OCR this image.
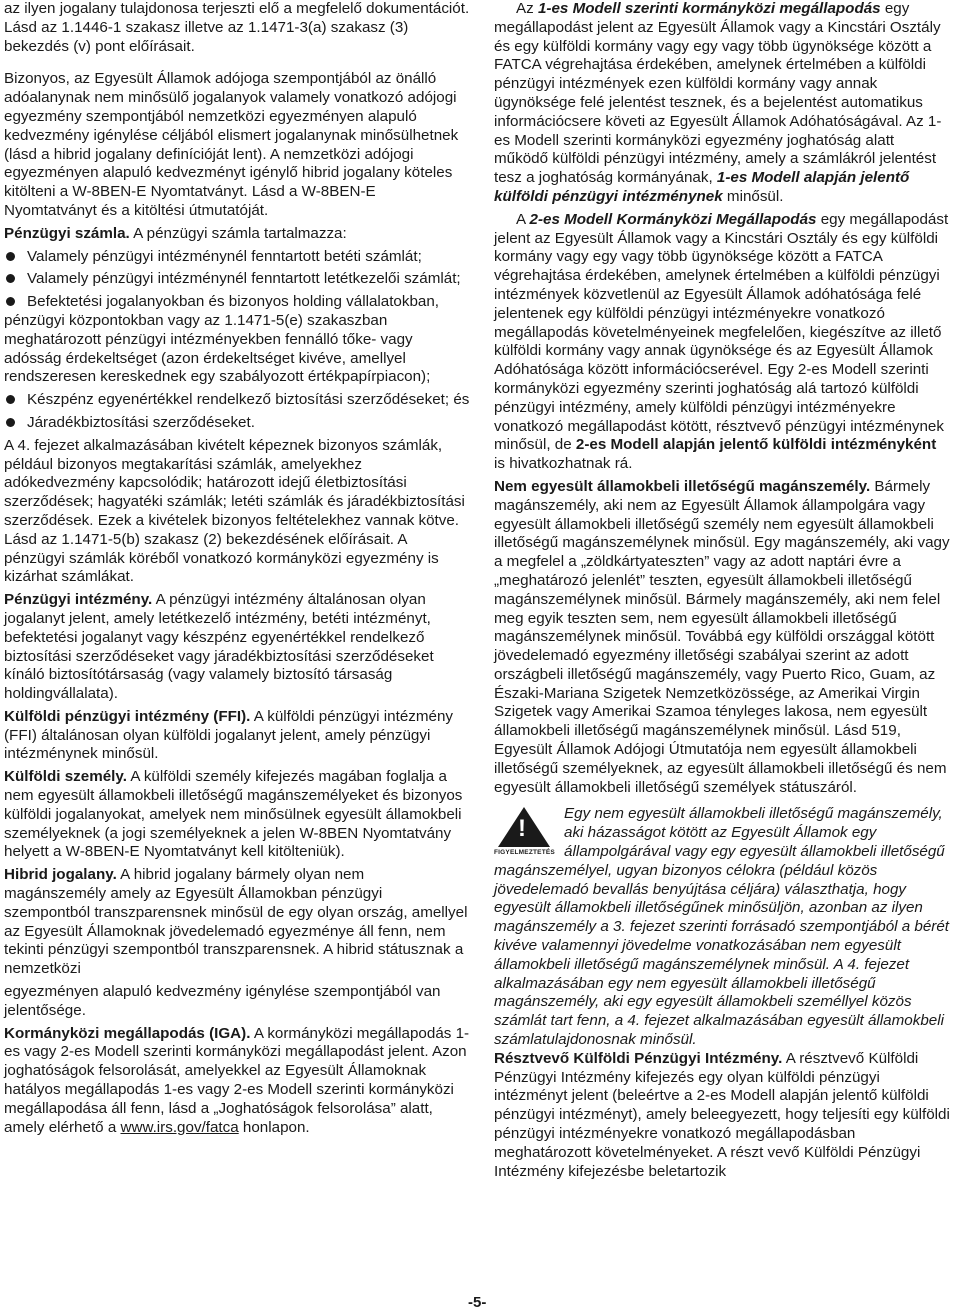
az ilyen jogalany tulajdonosa terjeszti elő a megfelelő dokumentációt. Lásd az 1.1446-1 szakasz illetve az 1.1471-3(a) szakasz (3) bekezdés (v) pont előírásait.

Bizonyos, az Egyesült Államok adójoga szempontjából az önálló adóalanynak nem minősülő jogalanyok valamely vonatkozó adójogi egyezmény szempontjából nemzetközi egyezményen alapuló kedvezmény igénylése céljából elismert jogalanynak minősülhetnek (lásd a hibrid jogalany definícióját lent). A nemzetközi adójogi egyezményen alapuló kedvezményt igénylő hibrid jogalany köteles kitölteni a W-8BEN-E Nyomtatványt. Lásd a W-8BEN-E Nyomtatványt és a kitöltési útmutatóját.

Pénzügyi számla. A pénzügyi számla tartalmazza:

Valamely pénzügyi intézménynél fenntartott betéti számlát;

Valamely pénzügyi intézménynél fenntartott letétkezelői számlát;

Befektetési jogalanyokban és bizonyos holding vállalatokban, pénzügyi központokban vagy az 1.1471-5(e) szakaszban meghatározott pénzügyi intézményekben fennálló tőke- vagy adósság érdekeltséget (azon érdekeltséget kivéve, amellyel rendszeresen kereskednek egy szabályozott értékpapírpiacon);

Készpénz egyenértékkel rendelkező biztosítási szerződéseket; és

Járadékbiztosítási szerződéseket.

A 4. fejezet alkalmazásában kivételt képeznek bizonyos számlák, például bizonyos megtakarítási számlák, amelyekhez adókedvezmény kapcsolódik; határozott idejű életbiztosítási szerződések; hagyatéki számlák; letéti számlák és járadékbiztosítási szerződések. Ezek a kivételek bizonyos feltételekhez vannak kötve. Lásd az 1.1471-5(b) szakasz (2) bekezdésének előírásait. A pénzügyi számlák köréből vonatkozó kormányközi egyezmény is kizárhat számlákat.

Pénzügyi intézmény. A pénzügyi intézmény általánosan olyan jogalanyt jelent, amely letétkezelő intézmény, betéti intézményt, befektetési jogalanyt vagy készpénz egyenértékkel rendelkező biztosítási szerződéseket vagy járadékbiztosítási szerződéseket kínáló biztosítótársaság (vagy valamely biztosító társaság holdingvállalata).

Külföldi pénzügyi intézmény (FFI). A külföldi pénzügyi intézmény (FFI) általánosan olyan külföldi jogalanyt jelent, amely pénzügyi intézménynek minősül.

Külföldi személy. A külföldi személy kifejezés magában foglalja a nem egyesült államokbeli illetőségű magánszemélyeket és bizonyos külföldi jogalanyokat, amelyek nem minősülnek egyesült államokbeli személyeknek (a jogi személyeknek a jelen W-8BEN Nyomtatvány helyett a W-8BEN-E Nyomtatványt kell kitölteniük).

Hibrid jogalany. A hibrid jogalany bármely olyan nem magánszemély amely az Egyesült Államokban pénzügyi szempontból transzparensnek minősül de egy olyan ország, amellyel az Egyesült Államoknak jövedelemadó egyezménye áll fenn, nem tekinti pénzügyi szempontból transzparensnek. A hibrid státusznak a nemzetközi

egyezményen alapuló kedvezmény igénylése szempontjából van jelentősége.

Kormányközi megállapodás (IGA). A kormányközi megállapodás 1-es vagy 2-es Modell szerinti kormányközi megállapodást jelent. Azon joghatóságok felsorolását, amelyekkel az Egyesült Államoknak hatályos megállapodás 1-es vagy 2-es Modell szerinti kormányközi megállapodása áll fenn, lásd a „Joghatóságok felsorolása” alatt, amely elérhető a www.irs.gov/fatca honlapon.

Az 1-es Modell szerinti kormányközi megállapodás egy megállapodást jelent az Egyesült Államok vagy a Kincstári Osztály és egy külföldi kormány vagy egy vagy több ügynöksége között a FATCA végrehajtása érdekében, amelynek értelmében a külföldi pénzügyi intézmények ezen külföldi kormány vagy annak ügynöksége felé jelentést tesznek, és a bejelentést automatikus információcsere követi az Egyesült Államok Adóhatóságával. Az 1-es Modell szerinti kormányközi egyezmény joghatóság alatt működő külföldi pénzügyi intézmény, amely a számlákról jelentést tesz a joghatóság kormányának, 1-es Modell alapján jelentő külföldi pénzügyi intézménynek minősül.

A 2-es Modell Kormányközi Megállapodás egy megállapodást jelent az Egyesült Államok vagy a Kincstári Osztály és egy külföldi kormány vagy egy vagy több ügynöksége között a FATCA végrehajtása érdekében, amelynek értelmében a külföldi pénzügyi intézmények közvetlenül az Egyesült Államok adóhatósága felé jelentenek egy külföldi pénzügyi intézményekre vonatkozó megállapodás követelményeinek megfelelően, kiegészítve az illető külföldi kormány vagy annak ügynöksége és az Egyesült Államok Adóhatósága között információcserével. Egy 2-es Modell szerinti kormányközi egyezmény szerinti joghatóság alá tartozó külföldi pénzügyi intézmény, amely külföldi pénzügyi intézményekre vonatkozó megállapodást kötött, résztvevő pénzügyi intézménynek minősül, de 2-es Modell alapján jelentő külföldi intézményként is hivatkozhatnak rá.

Nem egyesült államokbeli illetőségű magánszemély. Bármely magánszemély, aki nem az Egyesült Államok állampolgára vagy egyesült államokbeli illetőségű személy nem egyesült államokbeli illetőségű magánszemélynek minősül. Egy magánszemély, aki vagy a megfelel a „zöldkártyateszten” vagy az adott naptári évre a „meghatározó jelenlét” teszten, egyesült államokbeli illetőségű magánszemélynek minősül. Bármely magánszemély, aki nem felel meg egyik teszten sem, nem egyesült államokbeli illetőségű magánszemélynek minősül. Továbbá egy külföldi országgal kötött jövedelemadó egyezmény illetőségi szabályai szerint az adott országbeli illetőségű magánszemély, vagy Puerto Rico, Guam, az Északi-Mariana Szigetek Nemzetközössége, az Amerikai Virgin Szigetek vagy Amerikai Szamoa tényleges lakosa, nem egyesült államokbeli illetőségű magánszemélynek minősül. Lásd 519, Egyesült Államok Adójogi Útmutatója nem egyesült államokbeli illetőségű személyeknek, az egyesült államokbeli illetőségű és nem egyesült államokbeli illetőségű személyek státuszáról.

!
FIGYELMEZTETÉS

Egy nem egyesült államokbeli illetőségű magánszemély, aki házasságot kötött az Egyesült Államok egy állampolgárával vagy egy egyesült államokbeli illetőségű magánszemélyel, ugyan bizonyos célokra (például közös jövedelemadó bevallás benyújtása céljára) választhatja, hogy egyesült államokbeli illetőségűnek minősüljön, azonban az ilyen magánszemély a 3. fejezet szerinti forrásadó szempontjából a bérét kivéve valamennyi jövedelme vonatkozásában nem egyesült államokbeli illetőségű magánszemélynek minősül. A 4. fejezet alkalmazásában egy nem egyesült államokbeli illetőségű magánszemély, aki egy egyesült államokbeli személlyel közös számlát tart fenn, a 4. fejezet alkalmazásában egyesült államokbeli számlatulajdonosnak minősül.

Résztvevő Külföldi Pénzügyi Intézmény. A résztvevő Külföldi Pénzügyi Intézmény kifejezés egy olyan külföldi pénzügyi intézményt jelent (beleértve a 2-es Modell alapján jelentő külföldi pénzügyi intézményt), amely beleegyezett, hogy teljesíti egy külföldi pénzügyi intézményekre vonatkozó megállapodásban meghatározott követelményeket. A részt vevő Külföldi Pénzügyi Intézmény kifejezésbe beletartozik

-5-
